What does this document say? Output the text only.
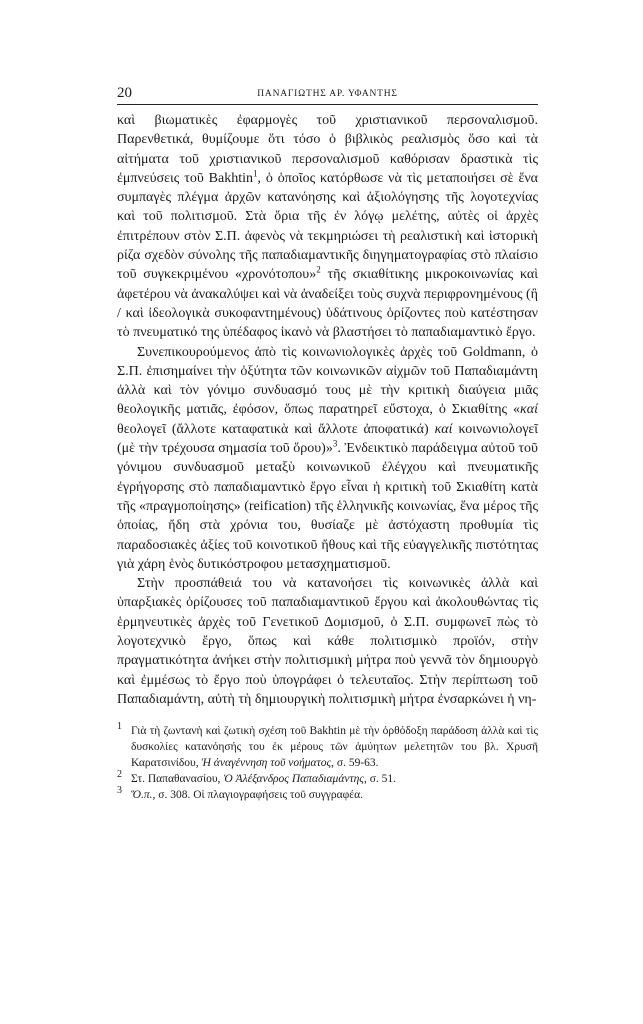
20	ΠΑΝΑΓΙΩΤΗΣ ΑΡ. ΥΦΑΝΤΗΣ

καὶ βιωματικὲς ἐφαρμογὲς τοῦ χριστιανικοῦ περσοναλισμοῦ. Παρενθετικά, θυμίζουμε ὅτι τόσο ὁ βιβλικὸς ρεαλισμὸς ὅσο καὶ τὰ αἰτήματα τοῦ χριστιανικοῦ περσοναλισμοῦ καθόρισαν δραστικὰ τὶς ἐμπνεύσεις τοῦ Bakhtin$^1$, ὁ ὁποῖος κατόρθωσε νὰ τὶς μεταποιήσει σὲ ἕνα συμπαγὲς πλέγμα ἀρχῶν κατανόησης καὶ ἀξιολόγησης τῆς λογοτεχνίας καὶ τοῦ πολιτισμοῦ. Στὰ ὅρια τῆς ἐν λόγῳ μελέτης, αὐτὲς οἱ ἀρχὲς ἐπιτρέπουν στὸν Σ.Π. ἀφενὸς νὰ τεκμηριώσει τὴ ρεαλιστικὴ καὶ ἱστορικὴ ρίζα σχεδὸν σύνολης τῆς παπαδιαμαντικῆς διηγηματογραφίας στὸ πλαίσιο τοῦ συγκεκριμένου «χρονότοπου»$^2$ τῆς σκιαθίτικης μικροκοινωνίας καὶ ἀφετέρου νὰ ἀνακαλύψει καὶ νὰ ἀναδείξει τοὺς συχνὰ περιφρονημένους (ἢ / καὶ ἰδεολογικὰ συκοφαντημένους) ὑδάτινους ὁρίζοντες ποὺ κατέστησαν τὸ πνευματικό της ὑπέδαφος ἱκανὸ νὰ βλαστήσει τὸ παπαδιαμαντικὸ ἔργο.

Συνεπικουρούμενος ἀπὸ τὶς κοινωνιολογικὲς ἀρχὲς τοῦ Goldmann, ὁ Σ.Π. ἐπισημαίνει τὴν ὀξύτητα τῶν κοινωνικῶν αἰχμῶν τοῦ Παπαδιαμάντη ἀλλὰ καὶ τὸν γόνιμο συνδυασμό τους μὲ τὴν κριτικὴ διαύγεια μιᾶς θεολογικῆς ματιᾶς, ἐφόσον, ὅπως παρατηρεῖ εὔστοχα, ὁ Σκιαθίτης «καί θεολογεῖ (ἄλλοτε καταφατικὰ καὶ ἄλλοτε ἀποφατικά) καί κοινωνιολογεῖ (μὲ τὴν τρέχουσα σημασία τοῦ ὅρου)»$^3$. Ἐνδεικτικὸ παράδειγμα αὐτοῦ τοῦ γόνιμου συνδυασμοῦ μεταξὺ κοινωνικοῦ ἐλέγχου καὶ πνευματικῆς ἐγρήγορσης στὸ παπαδιαμαντικὸ ἔργο εἶναι ἡ κριτικὴ τοῦ Σκιαθίτη κατὰ τῆς «πραγμοποίησης» (reification) τῆς ἑλληνικῆς κοινωνίας, ἕνα μέρος τῆς ὁποίας, ἤδη στὰ χρόνια του, θυσίαζε μὲ ἀστόχαστη προθυμία τὶς παραδοσιακὲς ἀξίες τοῦ κοινοτικοῦ ἤθους καὶ τῆς εὐαγγελικῆς πιστότητας γιὰ χάρη ἑνὸς δυτικόστροφου μετασχηματισμοῦ.

Στὴν προσπάθειά του νὰ κατανοήσει τὶς κοινωνικὲς ἀλλὰ καὶ ὑπαρξιακὲς ὁρίζουσες τοῦ παπαδιαμαντικοῦ ἔργου καὶ ἀκολουθώντας τὶς ἑρμηνευτικὲς ἀρχὲς τοῦ Γενετικοῦ Δομισμοῦ, ὁ Σ.Π. συμφωνεῖ πὼς τὸ λογοτεχνικὸ ἔργο, ὅπως καὶ κάθε πολιτισμικὸ προϊόν, στὴν πραγματικότητα ἀνήκει στὴν πολιτισμικὴ μήτρα ποὺ γεννᾶ τὸν δημιουργὸ καὶ ἐμμέσως τὸ ἔργο ποὺ ὑπογράφει ὁ τελευταῖος. Στὴν περίπτωση τοῦ Παπαδιαμάντη, αὐτὴ τὴ δημιουργικὴ πολιτισμικὴ μήτρα ἐνσαρκώνει ἡ νη-

1 Γιὰ τὴ ζωντανὴ καὶ ζωτικὴ σχέση τοῦ Bakhtin μὲ τὴν ὀρθόδοξη παράδοση ἀλλὰ καὶ τὶς δυσκολίες κατανόησής του ἐκ μέρους τῶν ἀμύητων μελετητῶν του βλ. Χρυσῆ Καρατσινίδου, Ἡ ἀναγέννηση τοῦ νοήματος, σ. 59-63.

2 Στ. Παπαθανασίου, Ὁ Ἀλέξανδρος Παπαδιαμάντης, σ. 51.

3 Ὅ.π., σ. 308. Οἱ πλαγιογραφήσεις τοῦ συγγραφέα.
